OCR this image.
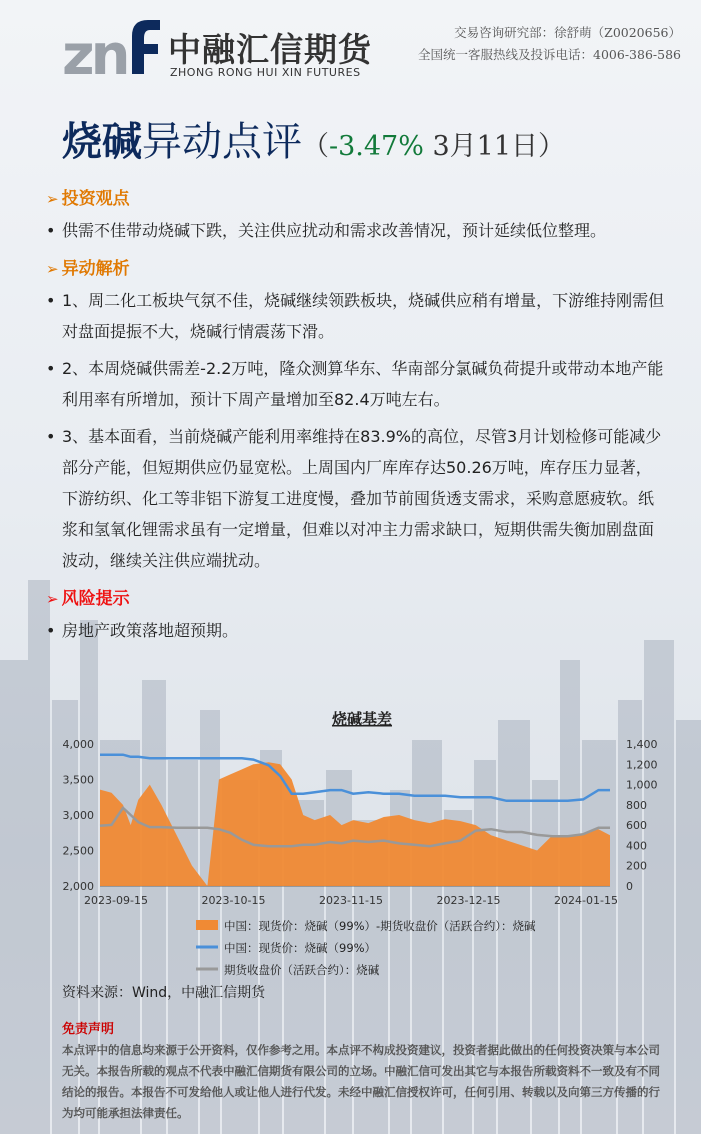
zn 中融汇信期货
ZHONG RONG HUI XIN FUTURES
交易咨询研究部：徐舒萌（Z0020656）
全国统一客服热线及投诉电话：4006-386-586
烧碱异动点评（-3.47% 3月11日）
➢ 投资观点
• 供需不佳带动烧碱下跌，关注供应扰动和需求改善情况，预计延续低位整理。
➢ 异动解析
• 1、周二化工板块气氛不佳，烧碱继续领跌板块，烧碱供应稍有增量，下游维持刚需但对盘面提振不大，烧碱行情震荡下滑。
• 2、本周烧碱供需差-2.2万吨，隆众测算华东、华南部分氯碱负荷提升或带动本地产能利用率有所增加，预计下周产量增加至82.4万吨左右。
• 3、基本面看，当前烧碱产能利用率维持在83.9%的高位，尽管3月计划检修可能减少部分产能，但短期供应仍显宽松。上周国内厂库库存达50.26万吨，库存压力显著，下游纺织、化工等非铝下游复工进度慢，叠加节前囤货透支需求，采购意愿疲软。纸浆和氢氧化锂需求虽有一定增量，但难以对冲主力需求缺口，短期供需失衡加剧盘面波动，继续关注供应端扰动。
➢ 风险提示
• 房地产政策落地超预期。
烧碱基差
4,000
3,500
3,000
2,500
2,000
1,400
1,200
1,000
800
600
400
200
0
2023-09-15	2023-10-15	2023-11-15	2023-12-15	2024-01-15
中国：现货价：烧碱（99%）-期货收盘价（活跃合约）：烧碱
中国：现货价：烧碱（99%）
期货收盘价（活跃合约）：烧碱
资料来源：Wind，中融汇信期货
免责声明
本点评中的信息均来源于公开资料，仅作参考之用。本点评不构成投资建议，投资者据此做出的任何投资决策与本公司无关。本报告所载的观点不代表中融汇信期货有限公司的立场。中融汇信可发出其它与本报告所载资料不一致及有不同结论的报告。本报告不可发给他人或让他人进行代发。未经中融汇信授权许可，任何引用、转载以及向第三方传播的行为均可能承担法律责任。
